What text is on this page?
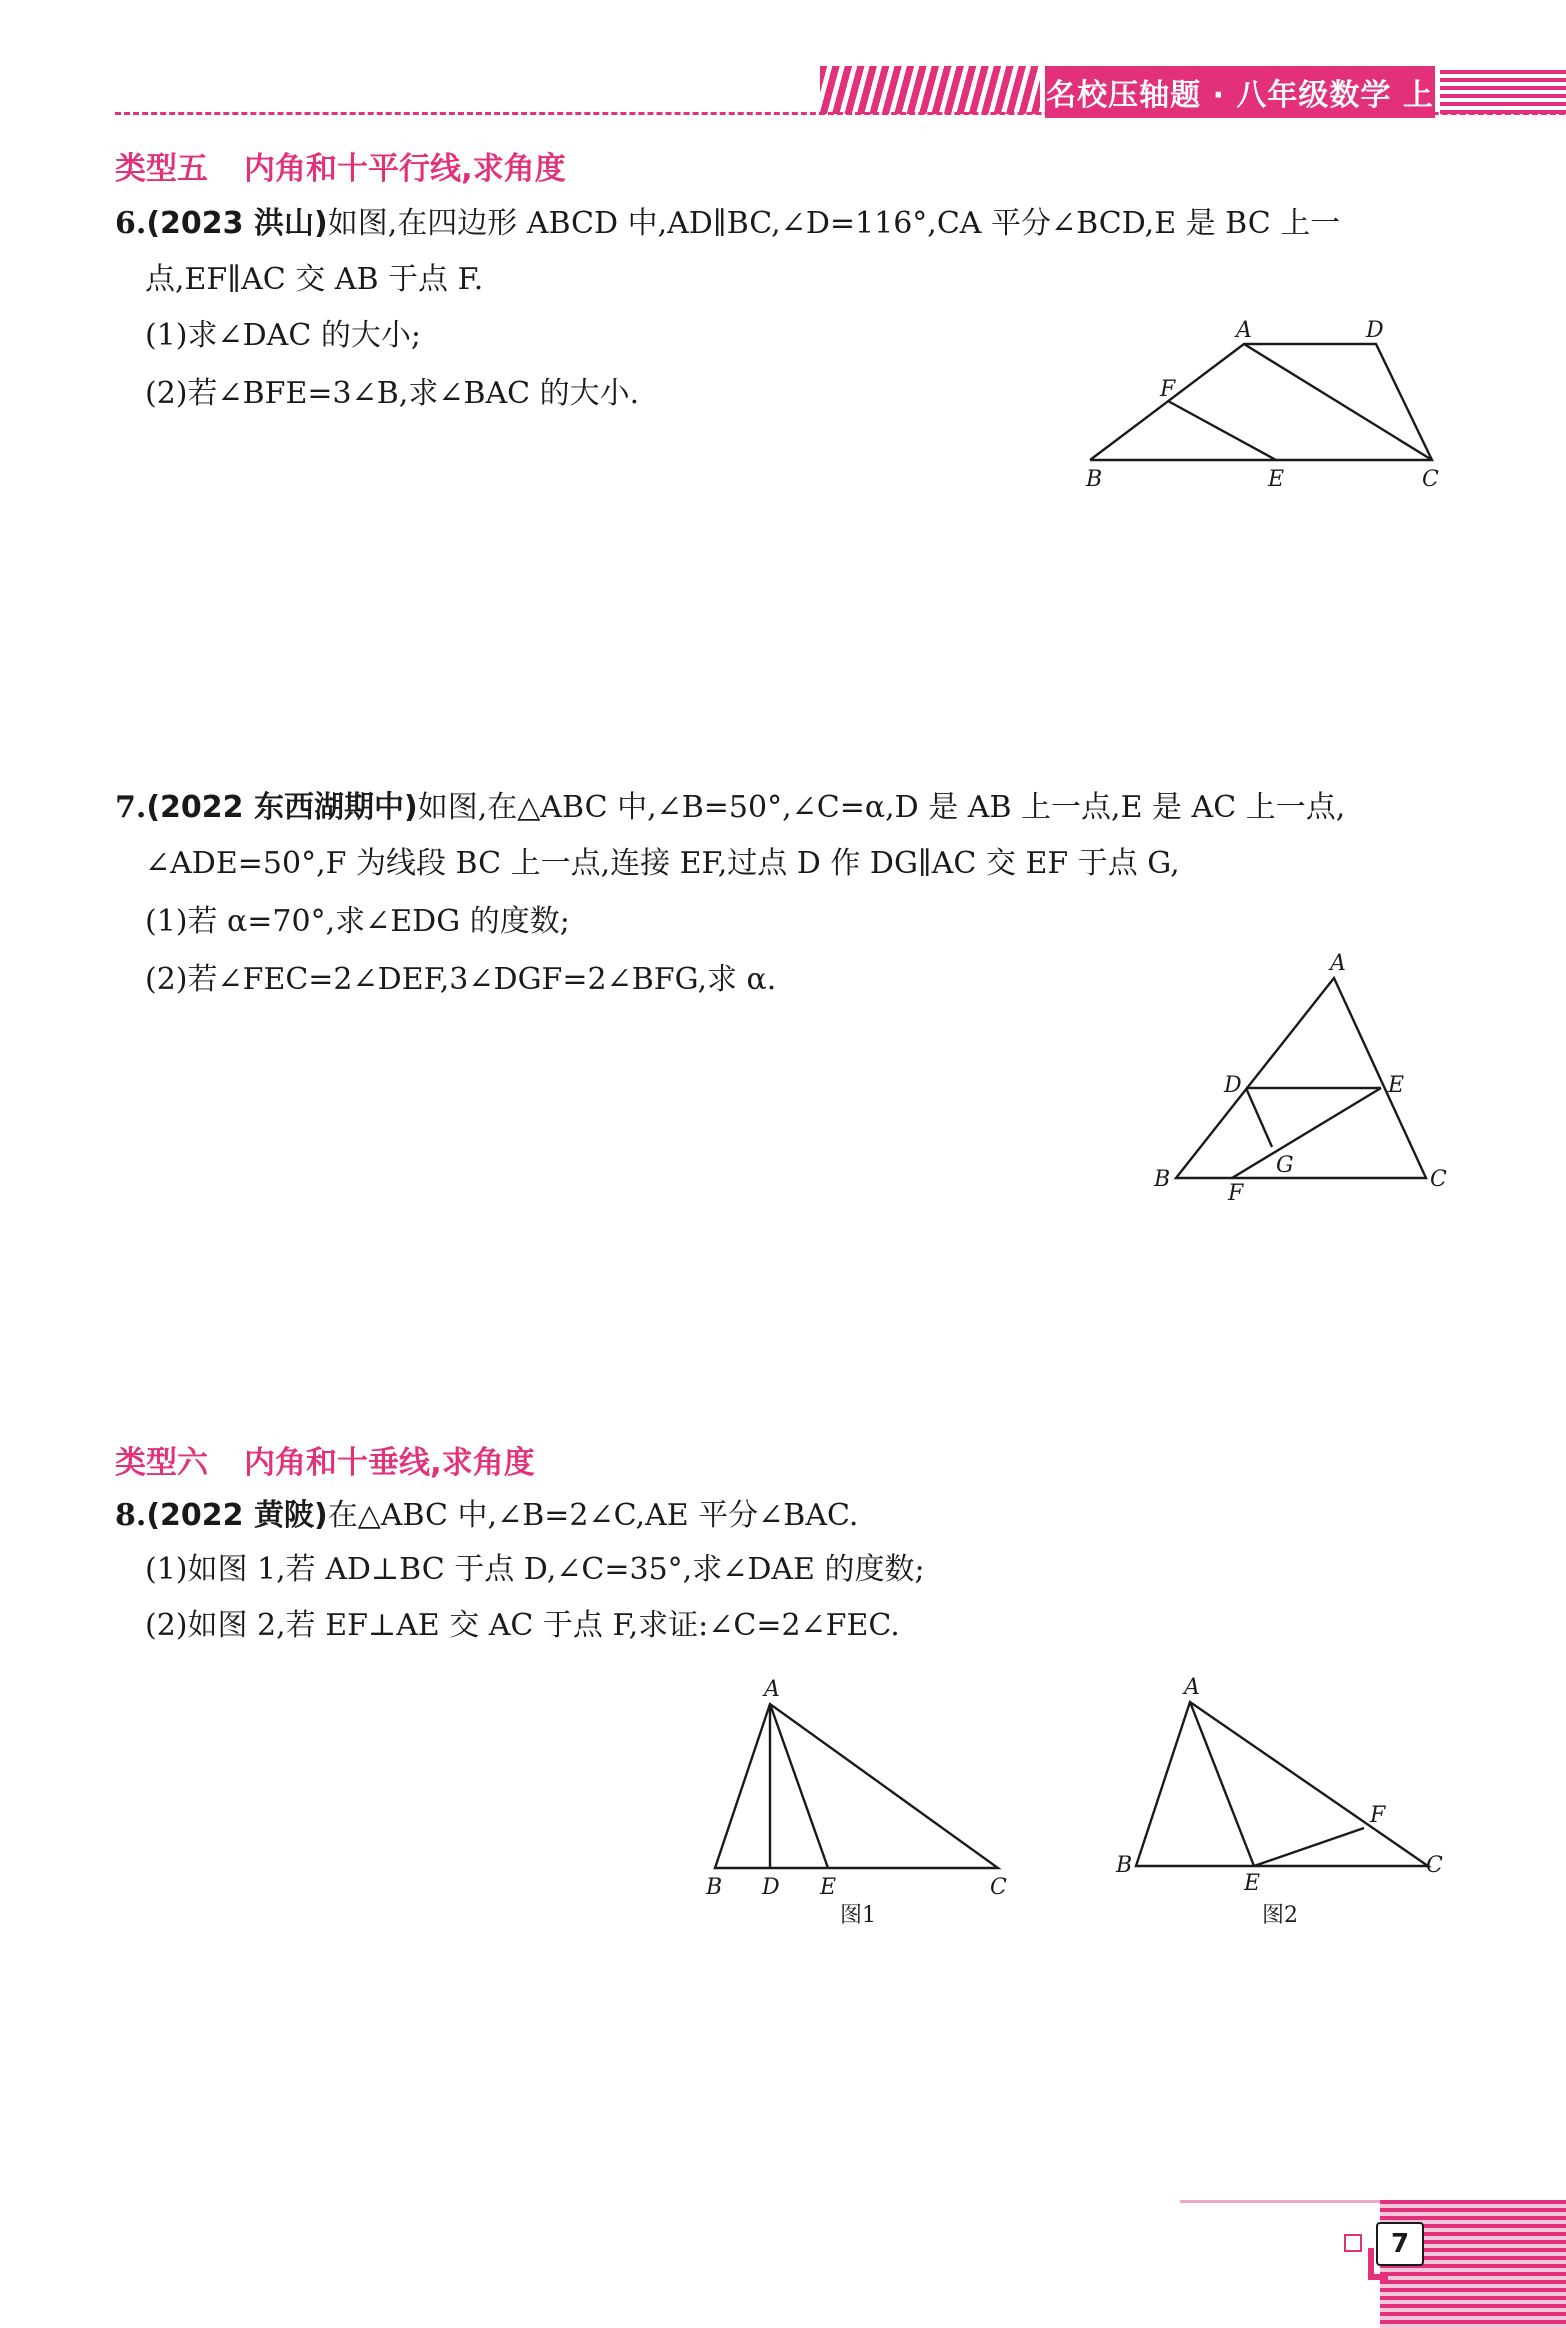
名校压轴题 · 八年级数学 上
类型五 内角和十平行线,求角度
6.(2023 洪山)如图,在四边形 ABCD 中,AD∥BC,∠D=116°,CA 平分∠BCD,E 是 BC 上一
点,EF∥AC 交 AB 于点 F.
(1)求∠DAC 的大小;
(2)若∠BFE=3∠B,求∠BAC 的大小.
A	D
F
B	E	C
7.(2022 东西湖期中)如图,在△ABC 中,∠B=50°,∠C=α,D 是 AB 上一点,E 是 AC 上一点,
∠ADE=50°,F 为线段 BC 上一点,连接 EF,过点 D 作 DG∥AC 交 EF 于点 G,
(1)若 α=70°,求∠EDG 的度数;
(2)若∠FEC=2∠DEF,3∠DGF=2∠BFG,求 α.	A
D	E
G
B
F
C
类型六 内角和十垂线,求角度
8.(2022 黄陂)在△ABC 中,∠B=2∠C,AE 平分∠BAC.
(1)如图 1,若 AD⊥BC 于点 D,∠C=35°,求∠DAE 的度数;
(2)如图 2,若 EF⊥AE 交 AC 于点 F,求证:∠C=2∠FEC.
A
B D E	C
图1
A
B
E
F
C
图2
7
